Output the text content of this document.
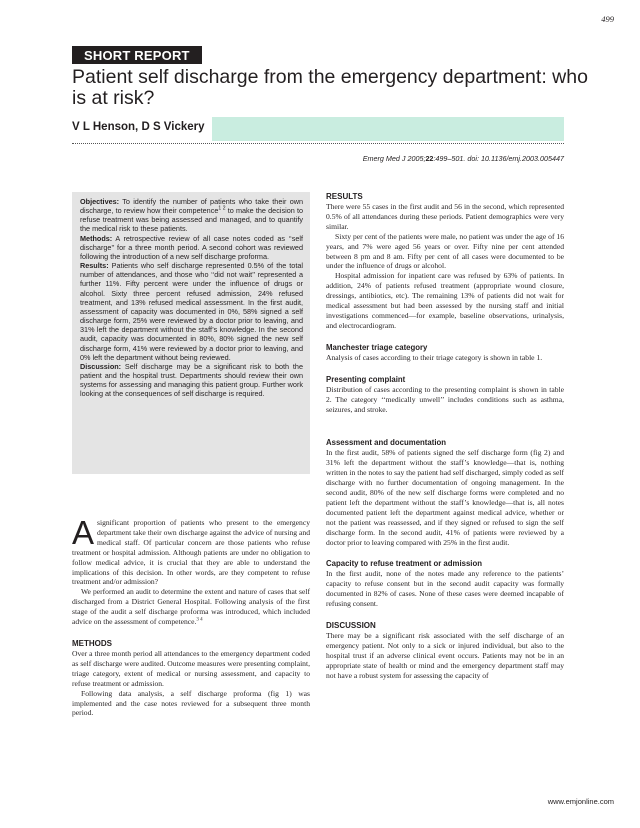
499
SHORT REPORT
Patient self discharge from the emergency department: who is at risk?
V L Henson, D S Vickery
Emerg Med J 2005;22:499–501. doi: 10.1136/emj.2003.005447

Objectives: To identify the number of patients who take their own discharge, to review how their competence$^{1 2}$ to make the decision to refuse treatment was being assessed and managed, and to quantify the medical risk to these patients.

Methods: A retrospective review of all case notes coded as ‘‘self discharge’’ for a three month period. A second cohort was reviewed following the introduction of a new self discharge proforma.

Results: Patients who self discharge represented 0.5% of the total number of attendances, and those who ‘‘did not wait’’ represented a further 11%. Fifty percent were under the influence of drugs or alcohol. Sixty three percent refused admission, 24% refused treatment, and 13% refused medical assessment. In the first audit, assessment of capacity was documented in 0%, 58% signed a self discharge form, 25% were reviewed by a doctor prior to leaving, and 31% left the department without the staff’s knowledge. In the second audit, capacity was documented in 80%, 80% signed the new self discharge form, 41% were reviewed by a doctor prior to leaving, and 0% left the department without being reviewed.

Discussion: Self discharge may be a significant risk to both the patient and the hospital trust. Departments should review their own systems for assessing and managing this patient group. Further work looking at the consequences of self discharge is required.

Asignificant proportion of patients who present to the emergency department take their own discharge against the advice of nursing and medical staff. Of particular concern are those patients who refuse treatment or hospital admission. Although patients are under no obligation to follow medical advice, it is crucial that they are able to understand the implications of this decision. In other words, are they competent to refuse treatment and/or admission?

We performed an audit to determine the extent and nature of cases that self discharged from a District General Hospital. Following analysis of the first stage of the audit a self discharge proforma was introduced, which included advice on the assessment of competence.$^{3 4}$

METHODS

Over a three month period all attendances to the emergency department coded as self discharge were audited. Outcome measures were presenting complaint, triage category, extent of medical or nursing assessment, and capacity to refuse treatment or admission.

Following data analysis, a self discharge proforma (fig 1) was implemented and the case notes reviewed for a subsequent three month period.

RESULTS

There were 55 cases in the first audit and 56 in the second, which represented 0.5% of all attendances during these periods. Patient demographics were very similar.

Sixty per cent of the patients were male, no patient was under the age of 16 years, and 7% were aged 56 years or over. Fifty nine per cent attended between 8 pm and 8 am. Fifty per cent of all cases were documented to be under the influence of drugs or alcohol.

Hospital admission for inpatient care was refused by 63% of patients. In addition, 24% of patients refused treatment (appropriate wound closure, dressings, antibiotics, etc). The remaining 13% of patients did not wait for medical assessment but had been assessed by the nursing staff and initial investigations commenced—for example, baseline observations, urinalysis, and electrocardiogram.

Manchester triage category

Analysis of cases according to their triage category is shown in table 1.

Presenting complaint

Distribution of cases according to the presenting complaint is shown in table 2. The category ‘‘medically unwell’’ includes conditions such as asthma, seizures, and stroke.

Assessment and documentation

In the first audit, 58% of patients signed the self discharge form (fig 2) and 31% left the department without the staff’s knowledge—that is, nothing written in the notes to say the patient had self discharged, simply coded as self discharge with no further documentation of ongoing management. In the second audit, 80% of the new self discharge forms were completed and no patient left the department without the staff’s knowledge—that is, all notes documented patient left the department against medical advice, whether or not the patient was reassessed, and if they signed or refused to sign the self discharge form. In the second audit, 41% of patients were reviewed by a doctor prior to leaving compared with 25% in the first audit.

Capacity to refuse treatment or admission

In the first audit, none of the notes made any reference to the patients’ capacity to refuse consent but in the second audit capacity was formally documented in 82% of cases. None of these cases were deemed incapable of refusing consent.

DISCUSSION

There may be a significant risk associated with the self discharge of an emergency patient. Not only to a sick or injured individual, but also to the hospital trust if an adverse clinical event occurs. Patients may not be in an appropriate state of health or mind and the emergency department staff may not have a robust system for assessing the capacity of

www.emjonline.com
